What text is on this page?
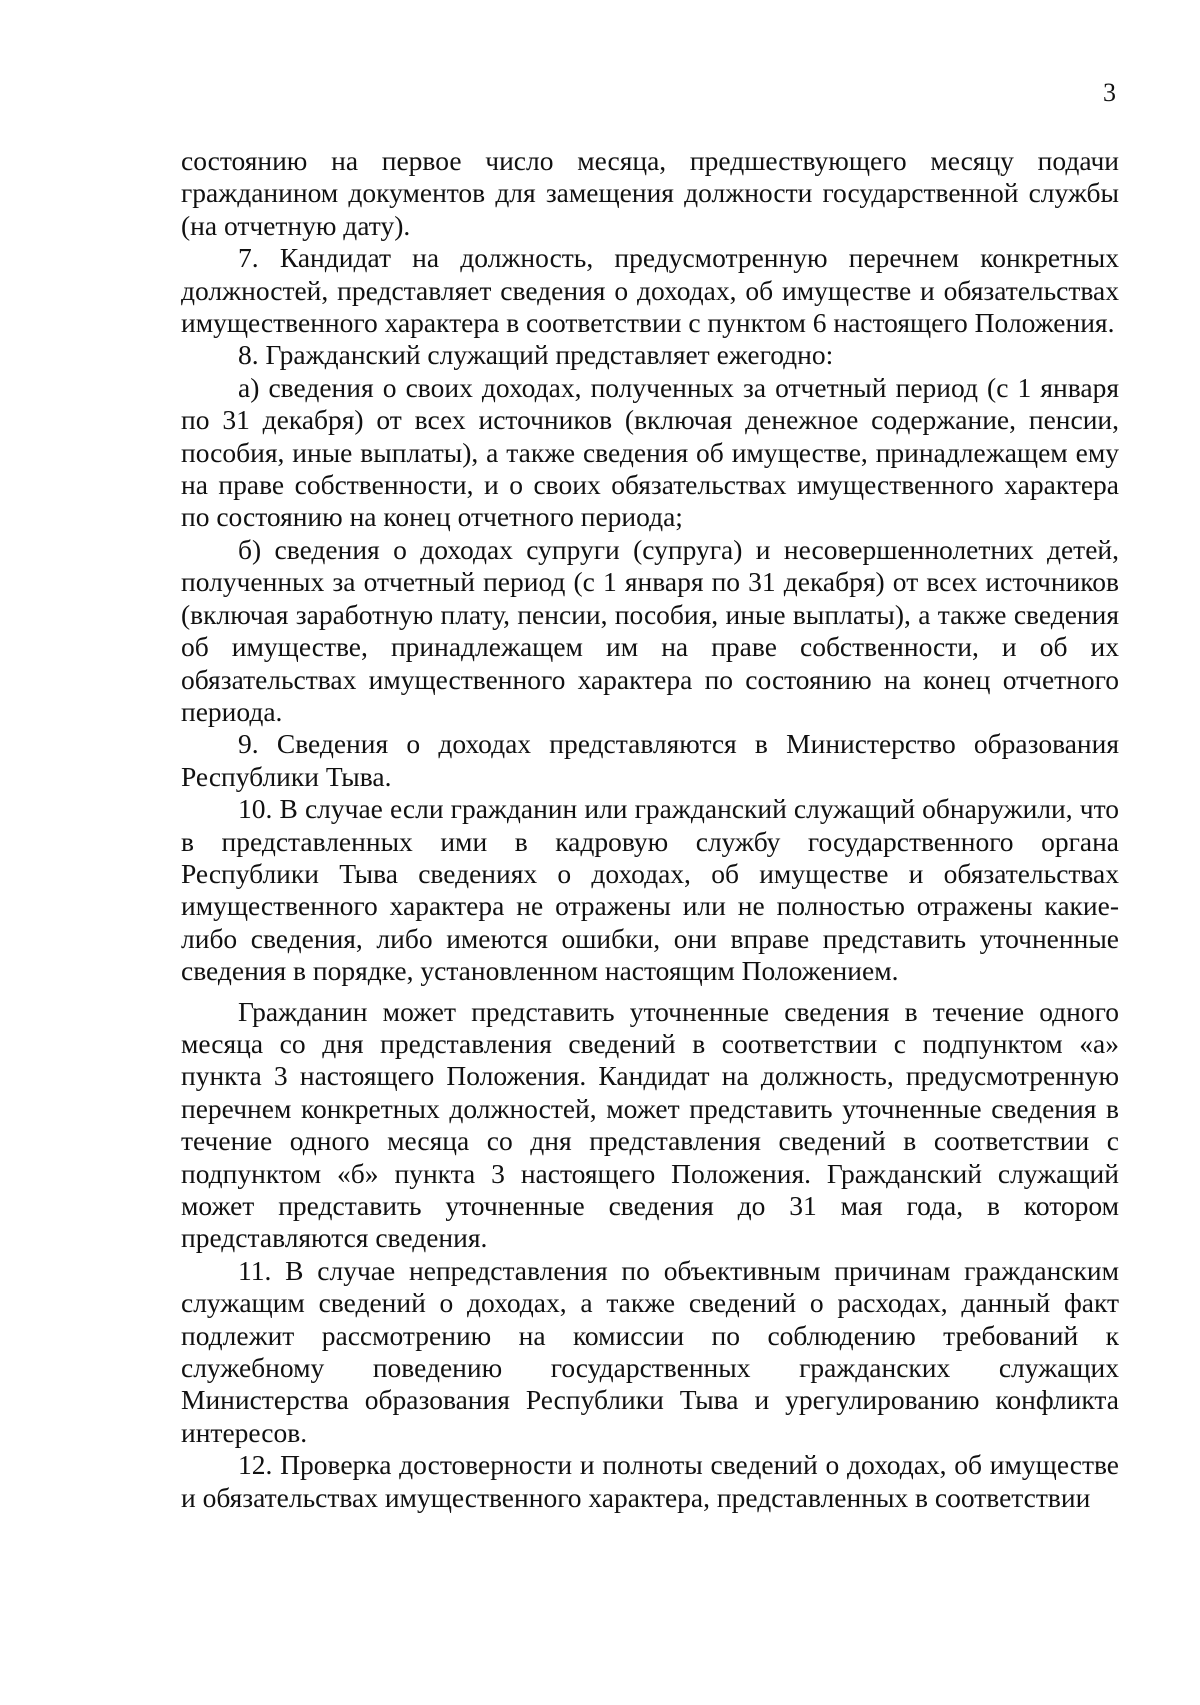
3

состоянию на первое число месяца, предшествующего месяцу подачи гражданином документов для замещения должности государственной службы (на отчетную дату).

7. Кандидат на должность, предусмотренную перечнем конкретных должностей, представляет сведения о доходах, об имуществе и обязательствах имущественного характера в соответствии с пунктом 6 настоящего Положения.

8. Гражданский служащий представляет ежегодно:

а) сведения о своих доходах, полученных за отчетный период (с 1 января по 31 декабря) от всех источников (включая денежное содержание, пенсии, пособия, иные выплаты), а также сведения об имуществе, принадлежащем ему на праве собственности, и о своих обязательствах имущественного характера по состоянию на конец отчетного периода;

б) сведения о доходах супруги (супруга) и несовершеннолетних детей, полученных за отчетный период (с 1 января по 31 декабря) от всех источников (включая заработную плату, пенсии, пособия, иные выплаты), а также сведения об имуществе, принадлежащем им на праве собственности, и об их обязательствах имущественного характера по состоянию на конец отчетного периода.

9. Сведения о доходах представляются в Министерство образования Республики Тыва.

10. В случае если гражданин или гражданский служащий обнаружили, что в представленных ими в кадровую службу государственного органа Республики Тыва сведениях о доходах, об имуществе и обязательствах имущественного характера не отражены или не полностью отражены какие-либо сведения, либо имеются ошибки, они вправе представить уточненные сведения в порядке, установленном настоящим Положением.

Гражданин может представить уточненные сведения в течение одного месяца со дня представления сведений в соответствии с подпунктом «а» пункта 3 настоящего Положения. Кандидат на должность, предусмотренную перечнем конкретных должностей, может представить уточненные сведения в течение одного месяца со дня представления сведений в соответствии с подпунктом «б» пункта 3 настоящего Положения. Гражданский служащий может представить уточненные сведения до 31 мая года, в котором представляются сведения.

11. В случае непредставления по объективным причинам гражданским служащим сведений о доходах, а также сведений о расходах, данный факт подлежит рассмотрению на комиссии по соблюдению требований к служебному поведению государственных гражданских служащих Министерства образования Республики Тыва и урегулированию конфликта интересов.

12. Проверка достоверности и полноты сведений о доходах, об имуществе и обязательствах имущественного характера, представленных в соответствии
